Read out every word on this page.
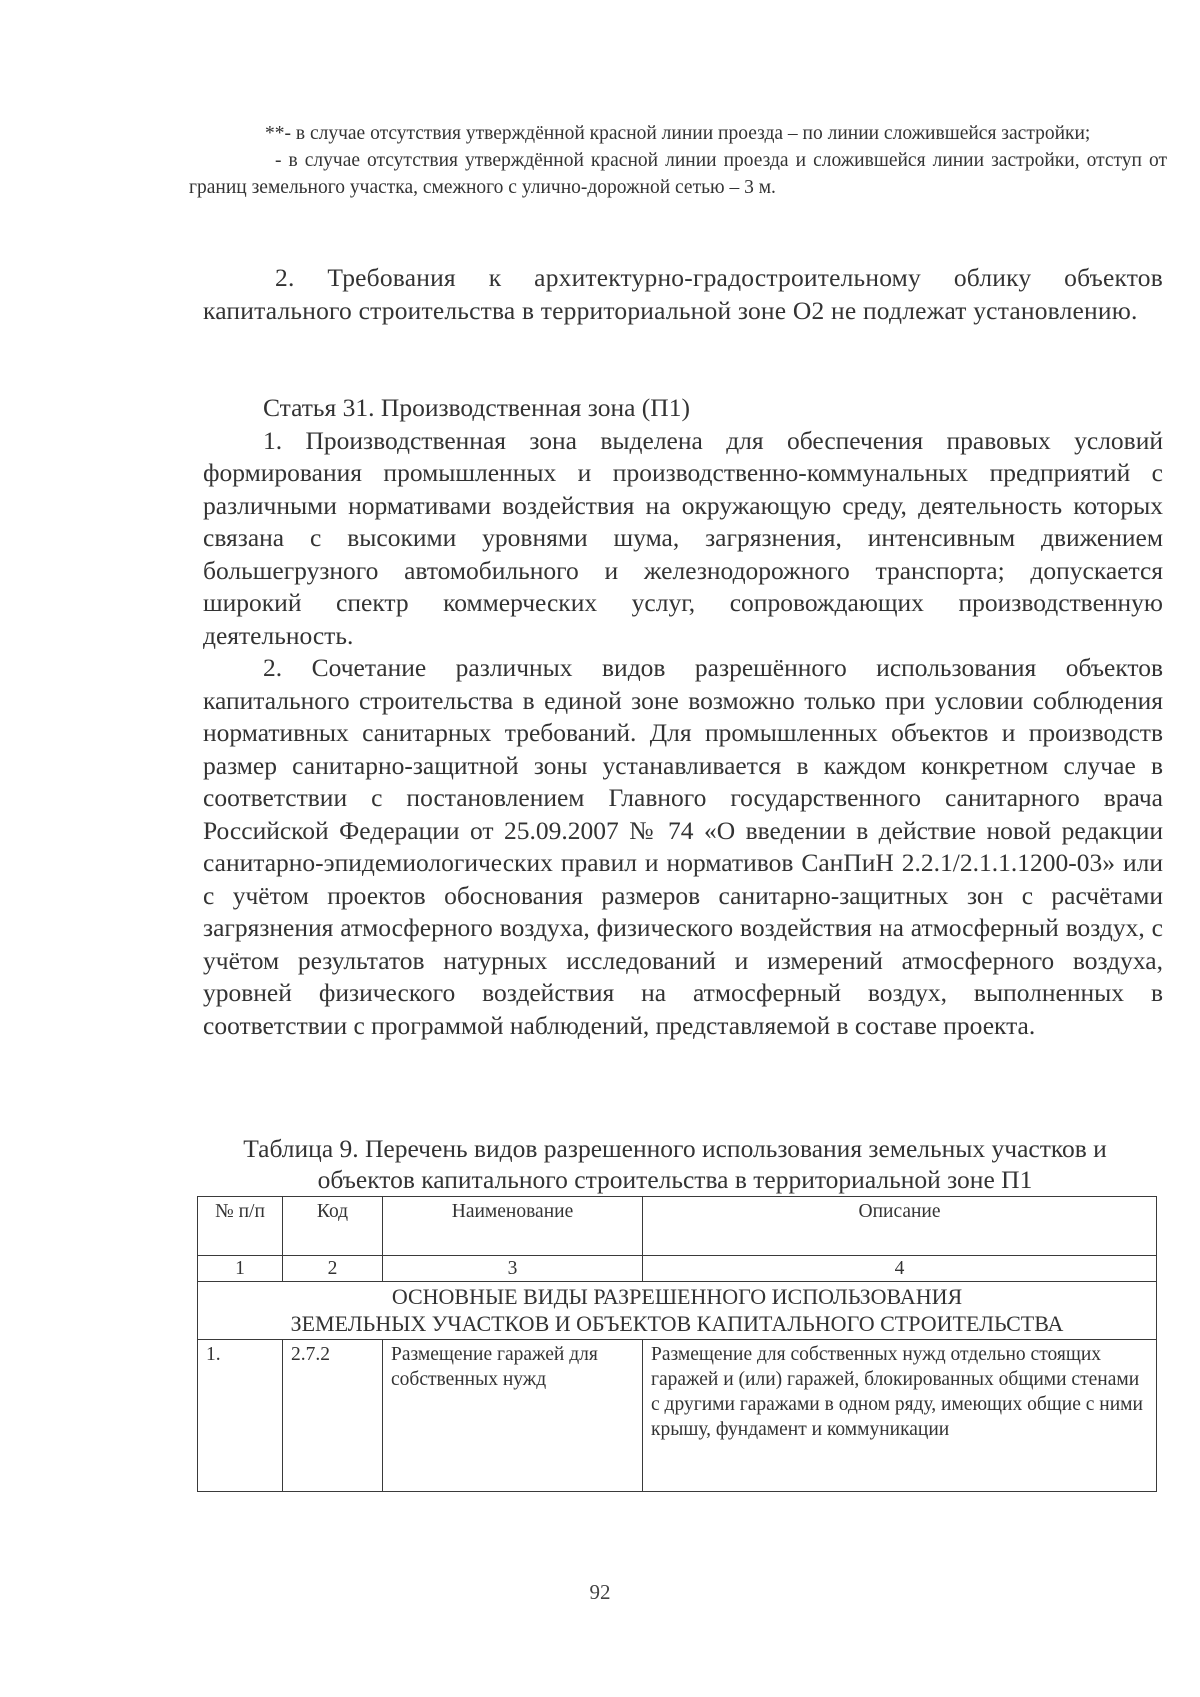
**- в случае отсутствия утверждённой красной линии проезда – по линии сложившейся застройки;

- в случае отсутствия утверждённой красной линии проезда и сложившейся линии застройки, отступ от границ земельного участка, смежного с улично-дорожной сетью – 3 м.

2. Требования к архитектурно-градостроительному облику объектов капитального строительства в территориальной зоне О2 не подлежат установлению.

Статья 31. Производственная зона (П1)

1. Производственная зона выделена для обеспечения правовых условий формирования промышленных и производственно-коммунальных предприятий с различными нормативами воздействия на окружающую среду, деятельность которых связана с высокими уровнями шума, загрязнения, интенсивным движением большегрузного автомобильного и железнодорожного транспорта; допускается широкий спектр коммерческих услуг, сопровождающих производственную деятельность.

2. Сочетание различных видов разрешённого использования объектов капитального строительства в единой зоне возможно только при условии соблюдения нормативных санитарных требований. Для промышленных объектов и производств размер санитарно-защитной зоны устанавливается в каждом конкретном случае в соответствии с постановлением Главного государственного санитарного врача Российской Федерации от 25.09.2007 № 74 «О введении в действие новой редакции санитарно-эпидемиологических правил и нормативов СанПиН 2.2.1/2.1.1.1200-03» или с учётом проектов обоснования размеров санитарно-защитных зон с расчётами загрязнения атмосферного воздуха, физического воздействия на атмосферный воздух, с учётом результатов натурных исследований и измерений атмосферного воздуха, уровней физического воздействия на атмосферный воздух, выполненных в соответствии с программой наблюдений, представляемой в составе проекта.

Таблица 9. Перечень видов разрешенного использования земельных участков и
объектов капитального строительства в территориальной зоне П1
№ п/п	Код	Наименование	Описание
1	2	3	4

ОСНОВНЫЕ ВИДЫ РАЗРЕШЕННОГО ИСПОЛЬЗОВАНИЯ
ЗЕМЕЛЬНЫХ УЧАСТКОВ И ОБЪЕКТОВ КАПИТАЛЬНОГО СТРОИТЕЛЬСТВА			

1.	2.7.2	Размещение гаражей для собственных нужд	Размещение для собственных нужд отдельно стоящих гаражей и (или) гаражей, блокированных общими стенами с другими гаражами в одном ряду, имеющих общие с ними крышу, фундамент и коммуникации
92
